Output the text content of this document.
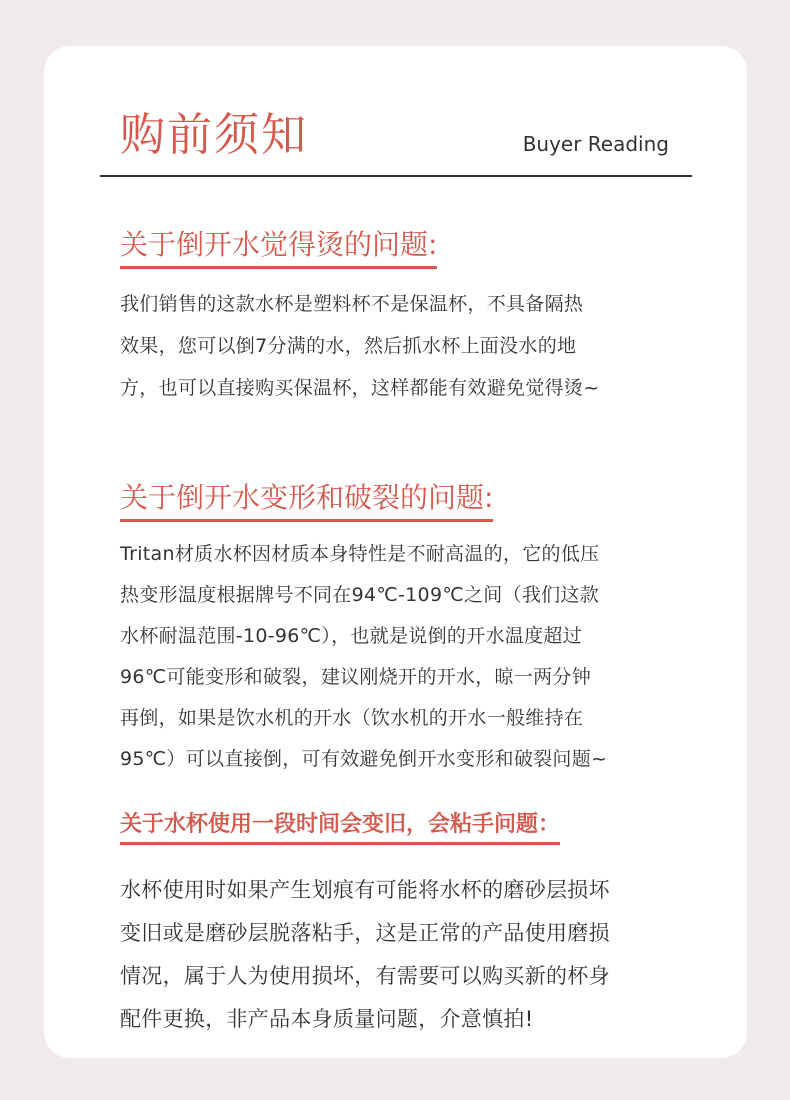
购前须知	Buyer Reading
关于倒开水觉得烫的问题:

我们销售的这款水杯是塑料杯不是保温杯，不具备隔热
效果，您可以倒7分满的水，然后抓水杯上面没水的地
方，也可以直接购买保温杯，这样都能有效避免觉得烫~

关于倒开水变形和破裂的问题:

Tritan材质水杯因材质本身特性是不耐高温的，它的低压
热变形温度根据牌号不同在94℃-109℃之间（我们这款
水杯耐温范围-10-96℃），也就是说倒的开水温度超过
96℃可能变形和破裂，建议刚烧开的开水，晾一两分钟
再倒，如果是饮水机的开水（饮水机的开水一般维持在
95℃）可以直接倒，可有效避免倒开水变形和破裂问题~

关于水杯使用一段时间会变旧，会粘手问题：

水杯使用时如果产生划痕有可能将水杯的磨砂层损坏
变旧或是磨砂层脱落粘手，这是正常的产品使用磨损
情况，属于人为使用损坏，有需要可以购买新的杯身
配件更换，非产品本身质量问题，介意慎拍!
